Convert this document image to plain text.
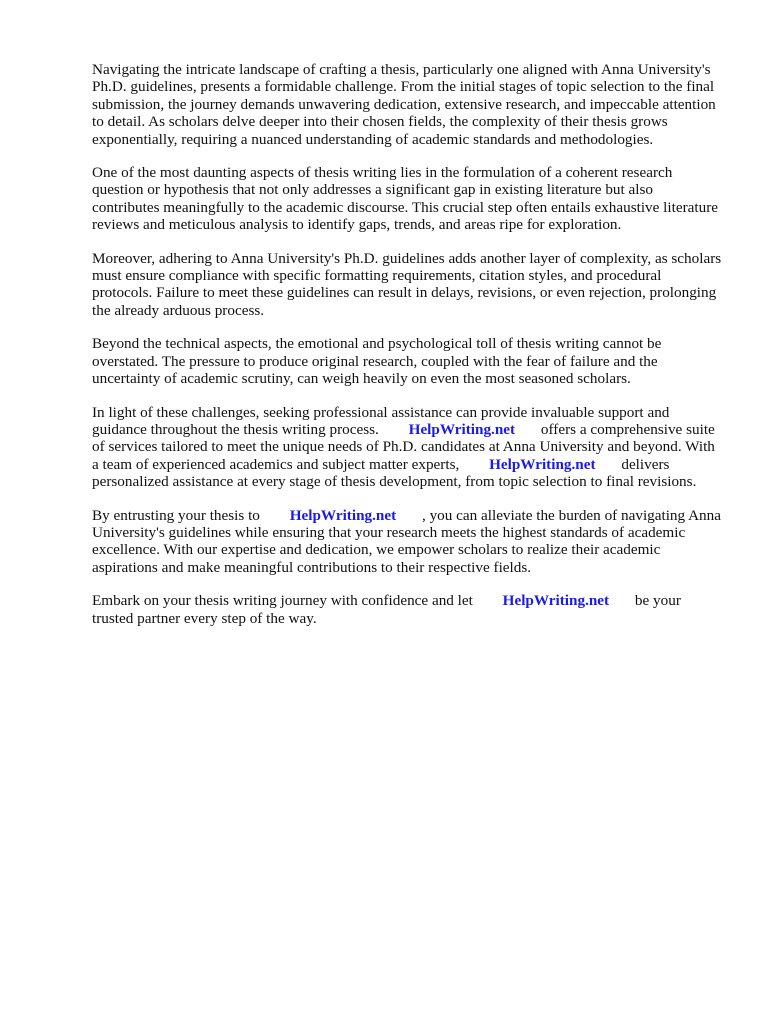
Navigating the intricate landscape of crafting a thesis, particularly one aligned with Anna University's Ph.D. guidelines, presents a formidable challenge. From the initial stages of topic selection to the final submission, the journey demands unwavering dedication, extensive research, and impeccable attention to detail. As scholars delve deeper into their chosen fields, the complexity of their thesis grows exponentially, requiring a nuanced understanding of academic standards and methodologies.

One of the most daunting aspects of thesis writing lies in the formulation of a coherent research question or hypothesis that not only addresses a significant gap in existing literature but also contributes meaningfully to the academic discourse. This crucial step often entails exhaustive literature reviews and meticulous analysis to identify gaps, trends, and areas ripe for exploration.

Moreover, adhering to Anna University's Ph.D. guidelines adds another layer of complexity, as scholars must ensure compliance with specific formatting requirements, citation styles, and procedural protocols. Failure to meet these guidelines can result in delays, revisions, or even rejection, prolonging the already arduous process.

Beyond the technical aspects, the emotional and psychological toll of thesis writing cannot be overstated. The pressure to produce original research, coupled with the fear of failure and the uncertainty of academic scrutiny, can weigh heavily on even the most seasoned scholars.

In light of these challenges, seeking professional assistance can provide invaluable support and guidance throughout the thesis writing process. HelpWriting.net offers a comprehensive suite of services tailored to meet the unique needs of Ph.D. candidates at Anna University and beyond. With a team of experienced academics and subject matter experts, HelpWriting.net delivers personalized assistance at every stage of thesis development, from topic selection to final revisions.

By entrusting your thesis to HelpWriting.net , you can alleviate the burden of navigating Anna University's guidelines while ensuring that your research meets the highest standards of academic excellence. With our expertise and dedication, we empower scholars to realize their academic aspirations and make meaningful contributions to their respective fields.

Embark on your thesis writing journey with confidence and let HelpWriting.net be your trusted partner every step of the way.
